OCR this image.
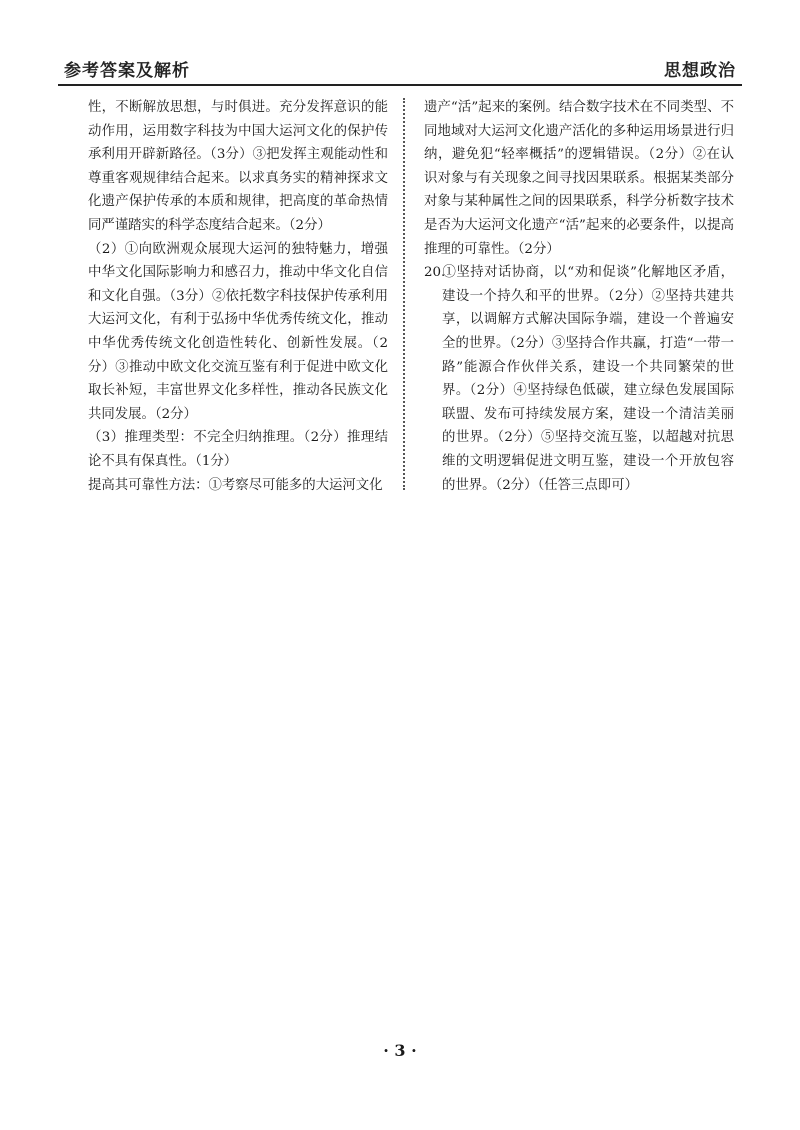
参考答案及解析	思想政治

性，不断解放思想，与时俱进。充分发挥意识的能动作用，运用数字科技为中国大运河文化的保护传承利用开辟新路径。（3分）③把发挥主观能动性和尊重客观规律结合起来。以求真务实的精神探求文化遗产保护传承的本质和规律，把高度的革命热情同严谨踏实的科学态度结合起来。（2分）

（2）①向欧洲观众展现大运河的独特魅力，增强中华文化国际影响力和感召力，推动中华文化自信和文化自强。（3分）②依托数字科技保护传承利用大运河文化，有利于弘扬中华优秀传统文化，推动中华优秀传统文化创造性转化、创新性发展。（2分）③推动中欧文化交流互鉴有利于促进中欧文化取长补短，丰富世界文化多样性，推动各民族文化共同发展。（2分）

（3）推理类型：不完全归纳推理。（2分）推理结论不具有保真性。（1分）

提高其可靠性方法：①考察尽可能多的大运河文化

遗产“活”起来的案例。结合数字技术在不同类型、不同地域对大运河文化遗产活化的多种运用场景进行归纳，避免犯“轻率概括”的逻辑错误。（2分）②在认识对象与有关现象之间寻找因果联系。根据某类部分对象与某种属性之间的因果联系，科学分析数字技术是否为大运河文化遗产“活”起来的必要条件，以提高推理的可靠性。（2分）

20.①坚持对话协商，以“劝和促谈”化解地区矛盾，建设一个持久和平的世界。（2分）②坚持共建共享，以调解方式解决国际争端，建设一个普遍安全的世界。（2分）③坚持合作共赢，打造“一带一路”能源合作伙伴关系，建设一个共同繁荣的世界。（2分）④坚持绿色低碳，建立绿色发展国际联盟、发布可持续发展方案，建设一个清洁美丽的世界。（2分）⑤坚持交流互鉴，以超越对抗思维的文明逻辑促进文明互鉴，建设一个开放包容的世界。（2分）（任答三点即可）

· 3 ·
